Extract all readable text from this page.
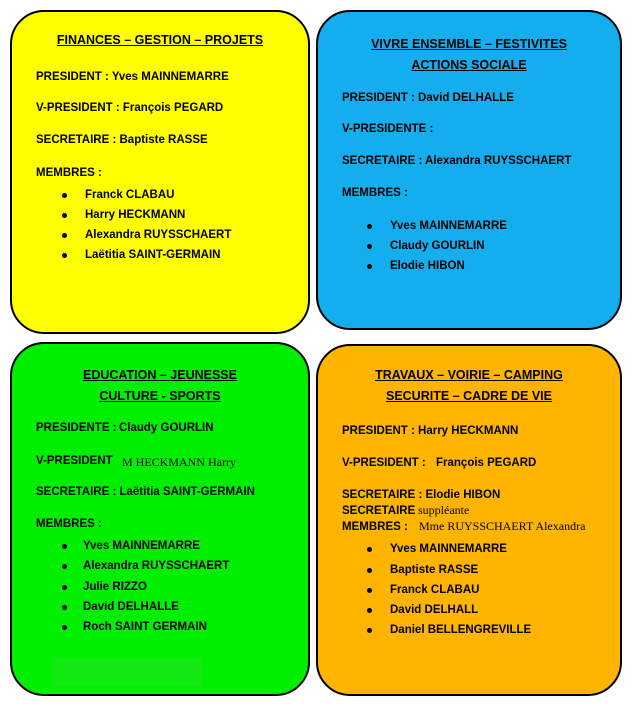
FINANCES – GESTION – PROJETS

PRESIDENT : Yves MAINNEMARRE

V-PRESIDENT : François PEGARD

SECRETAIRE : Baptiste RASSE

MEMBRES :

Franck CLABAU

Harry HECKMANN

Alexandra RUYSSCHAERT

Laëtitia SAINT-GERMAIN

VIVRE ENSEMBLE – FESTIVITES

ACTIONS SOCIALE

PRESIDENT : David DELHALLE

V-PRESIDENTE :

SECRETAIRE : Alexandra RUYSSCHAERT

MEMBRES :

Yves MAINNEMARRE

Claudy GOURLIN

Elodie HIBON

EDUCATION – JEUNESSE

CULTURE - SPORTS

PRESIDENTE : Claudy GOURLIN

V-PRESIDENT M HECKMANN Harry

SECRETAIRE : Laëtitia SAINT-GERMAIN

MEMBRES :

Yves MAINNEMARRE

Alexandra RUYSSCHAERT

Julie RIZZO

David DELHALLE

Roch SAINT GERMAIN

TRAVAUX – VOIRIE – CAMPING

SECURITE – CADRE DE VIE

PRESIDENT : Harry HECKMANN

V-PRESIDENT : François PEGARD

SECRETAIRE : Elodie HIBON

SECRETAIRE suppléante

MEMBRES : Mme RUYSSCHAERT Alexandra

Yves MAINNEMARRE

Baptiste RASSE

Franck CLABAU

David DELHALL

Daniel BELLENGREVILLE
